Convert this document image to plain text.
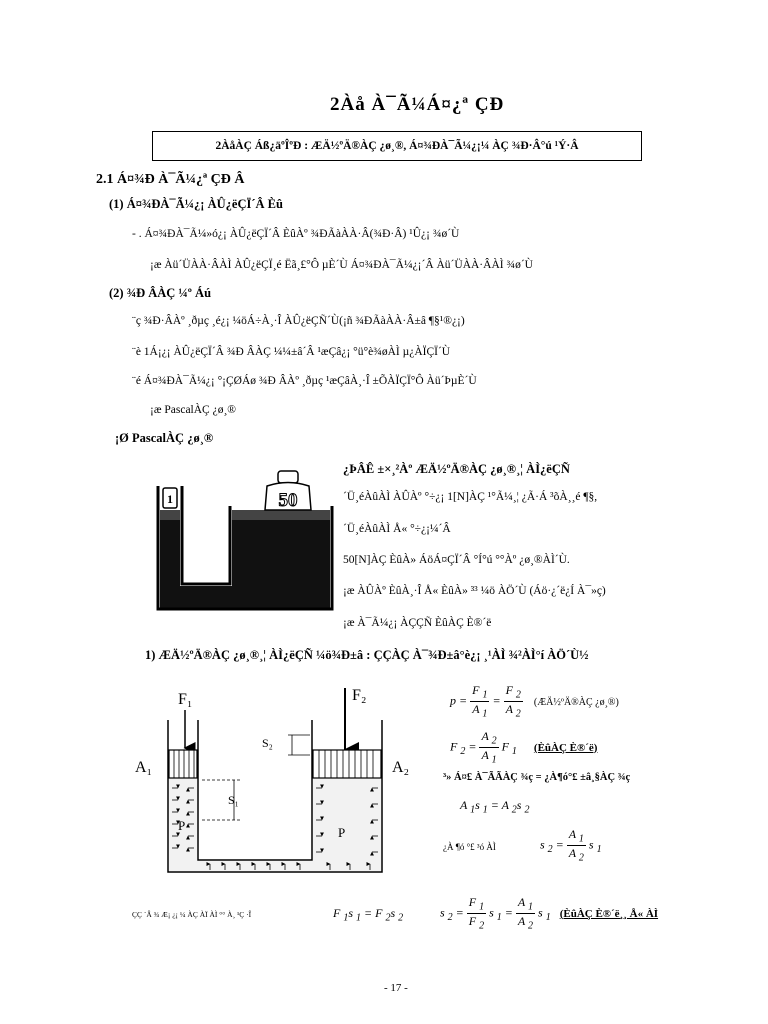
2Àå À¯Ã¼Á¤¿ª ÇÐ
2ÀåÀÇ Áß¿äºÎºÐ : ÆÄ½ºÄ®ÀÇ ¿ø¸®, Á¤¾ÐÀ¯Ã¼¿¡¼ ÀÇ ¾Ð·Â°ú ¹Ý·Â
2.1 Á¤¾Ð À¯Ã¼¿ª ÇÐ Â
(1) Á¤¾ÐÀ¯Ã¼¿¡ ÀÛ¿ëÇÏ´Â Èû
- . Á¤¾ÐÀ¯Ã¼»ó¿¡ ÀÛ¿ëÇÏ´Â ÈûÀº ¾ÐÃàÀÀ·Â(¾Ð·Â) ¹Û¿¡ ¾ø´Ù
¡æ Àü´ÜÀÀ·ÂÀÌ ÀÛ¿ëÇÏ¸é Ëã¸£°Ô µÈ´Ù Á¤¾ÐÀ¯Ã¼¿¡´Â Àü´ÜÀÀ·ÂÀÌ ¾ø´Ù
(2) ¾Ð ÂÀÇ ¼º Áú
¨ç ¾Ð·ÂÀº ¸ðµç ¸é¿¡ ¼öÁ÷À¸·Î ÀÛ¿ëÇÑ´Ù(¡ñ ¾ÐÃàÀÀ·Â±â ¶§¹®¿¡)
¨è 1Á¡¿¡ ÀÛ¿ëÇÏ´Â ¾Ð ÂÀÇ ¼¼±â´Â ¹æÇâ¿¡ °ü°è¾øÀÌ µ¿ÀÏÇÏ´Ù
¨é Á¤¾ÐÀ¯Ã¼¿¡ °¡ÇØÁø ¾Ð ÂÀº ¸ðµç ¹æÇâÀ¸·Î ±ÕÀÏÇÏ°Ô Àü´ÞµÈ´Ù
¡æ PascalÀÇ ¿ø¸®
¡Ø PascalÀÇ ¿ø¸®
1	50
¿ÞÂÊ ±×¸²Àº ÆÄ½ºÄ®ÀÇ ¿ø¸®¸¦ ÀÌ¿ëÇÑ
´Ü¸éÀûÀÌ ÀÛÀº °÷¿¡ 1[N]ÀÇ ¹°Ã¼¸¦ ¿Ã·Á ³õÀ¸¸é ¶§,
´Ü¸éÀûÀÌ Å« °÷¿¡¼´Â
50[N]ÀÇ ÈûÀ» ÁöÁ¤ÇÏ´Â °Í°ú °°Àº ¿ø¸®ÀÌ´Ù.
¡æ ÀÛÀº ÈûÀ¸·Î Å« ÈûÀ» ³³ ¼ö ÀÖ´Ù (Áö·¿´ë¿Í À¯»ç)
¡æ À¯Ã¼¿¡ ÀÇÇÑ ÈûÀÇ È®´ë
1) ÆÄ½ºÄ®ÀÇ ¿ø¸®¸¦ ÀÌ¿ëÇÑ ¼ö¾Ð±â : ÇÇÀÇ À¯¾Ð±â°è¿¡ ¸¹ÀÌ ¾²ÀÌ°í ÀÖ´Ù½
F₁	F₂
A₁	A₂
S₂
S₁
P	P
$p = \frac{F _1}{A _1} = \frac{F _2}{A _2}$ (ÆÄ½ºÄ®ÀÇ ¿ø¸®)
F $_2 = \frac{A _2}{A _1}$ F $_1$ (ÈûÀÇ È®´ë)
³» Á¤£ À¯ÃÃÀÇ ¾ç = ¿À¶ó°£ ±â¸§ÀÇ ¾ç
A $_1$s $_1$ = A $_2$s $_2$
¿À ¶ó °£ ³ó ÀÌ	s $_2 = \frac{A _1}{A _2}$ s $_1$
ÇÇ ´Â ¾ Æ¡ ¿¡ ¼ ÀÇ ÀÏ ÀÌ °° À¸ ¹Ç ·Î	F $_1$s $_1$ = F $_2$s $_2$	s $_2 = \frac{F _1}{F _2}$ s $_1 = \frac{A _1}{A _2}$ s $_1$ (ÈûÀÇ È®´ë¸¸ Å« ÀÌ
- 17 -
